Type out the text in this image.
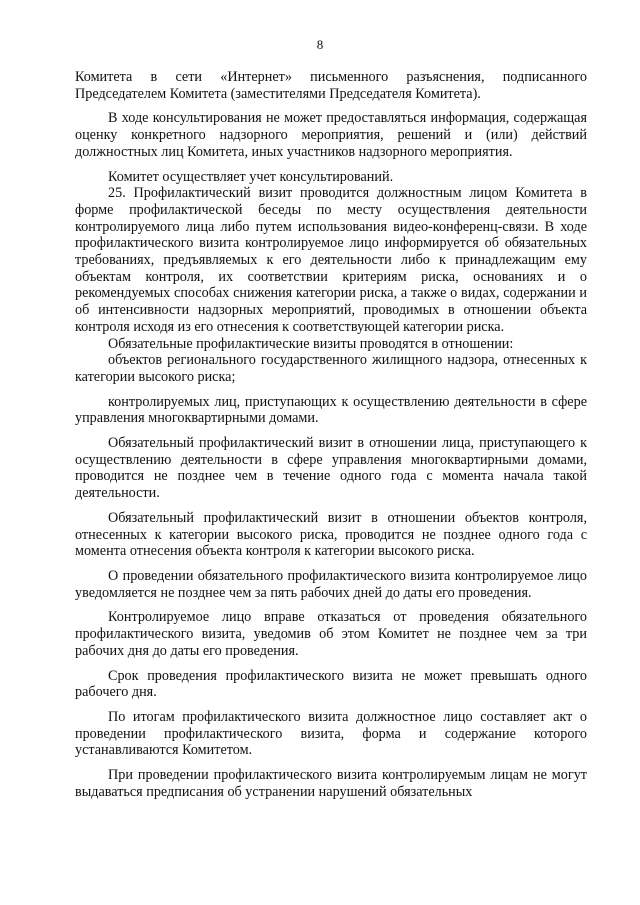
8

Комитета в сети «Интернет» письменного разъяснения, подписанного Председателем Комитета (заместителями Председателя Комитета).

В ходе консультирования не может предоставляться информация, содержащая оценку конкретного надзорного мероприятия, решений и (или) действий должностных лиц Комитета, иных участников надзорного мероприятия.

Комитет осуществляет учет консультирований.

25. Профилактический визит проводится должностным лицом Комитета в форме профилактической беседы по месту осуществления деятельности контролируемого лица либо путем использования видео-конференц-связи. В ходе профилактического визита контролируемое лицо информируется об обязательных требованиях, предъявляемых к его деятельности либо к принадлежащим ему объектам контроля, их соответствии критериям риска, основаниях и о рекомендуемых способах снижения категории риска, а также о видах, содержании и об интенсивности надзорных мероприятий, проводимых в отношении объекта контроля исходя из его отнесения к соответствующей категории риска.

Обязательные профилактические визиты проводятся в отношении:

объектов регионального государственного жилищного надзора, отнесенных к категории высокого риска;

контролируемых лиц, приступающих к осуществлению деятельности в сфере управления многоквартирными домами.

Обязательный профилактический визит в отношении лица, приступающего к осуществлению деятельности в сфере управления многоквартирными домами, проводится не позднее чем в течение одного года с момента начала такой деятельности.

Обязательный профилактический визит в отношении объектов контроля, отнесенных к категории высокого риска, проводится не позднее одного года с момента отнесения объекта контроля к категории высокого риска.

О проведении обязательного профилактического визита контролируемое лицо уведомляется не позднее чем за пять рабочих дней до даты его проведения.

Контролируемое лицо вправе отказаться от проведения обязательного профилактического визита, уведомив об этом Комитет не позднее чем за три рабочих дня до даты его проведения.

Срок проведения профилактического визита не может превышать одного рабочего дня.

По итогам профилактического визита должностное лицо составляет акт о проведении профилактического визита, форма и содержание которого устанавливаются Комитетом.

При проведении профилактического визита контролируемым лицам не могут выдаваться предписания об устранении нарушений обязательных
